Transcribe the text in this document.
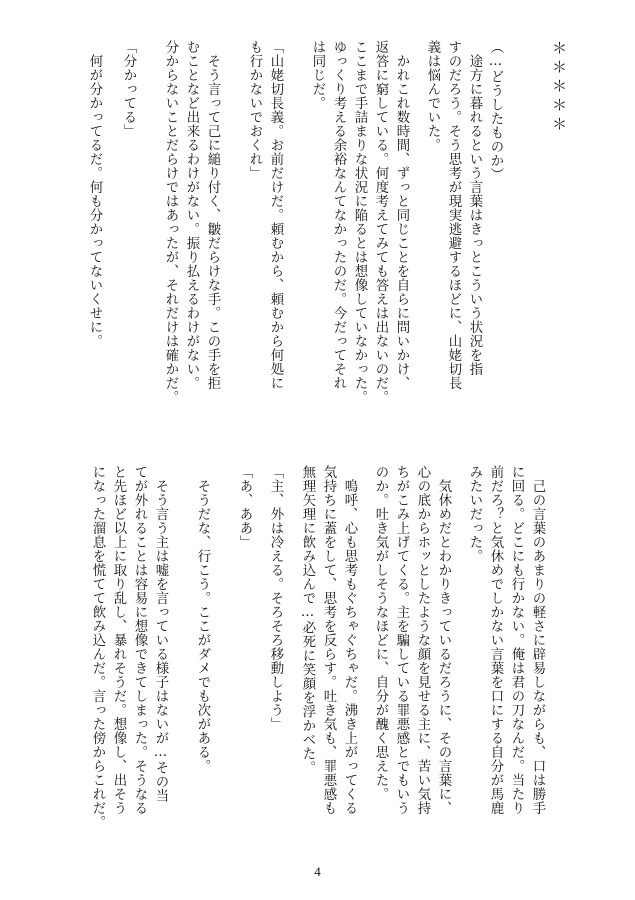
＊＊＊＊＊
（…どうしたものか）
　途方に暮れるという言葉はきっとこういう状況を指
すのだろう。そう思考が現実逃避するほどに、山姥切長
義は悩んでいた。
　かれこれ数時間、ずっと同じことを自らに問いかけ、
返答に窮している。何度考えてみても答えは出ないのだ。
ここまで手詰まりな状況に陥るとは想像していなかった。
ゆっくり考える余裕なんてなかったのだ。今だってそれ
は同じだ。
「山姥切長義。お前だけだ。頼むから、頼むから何処に
も行かないでおくれ」
　そう言って己に縋り付く、皺だらけな手。この手を拒
むことなど出来るわけがない。振り払えるわけがない。
分からないことだらけではあったが、それだけは確かだ。
「分かってる」
　何が分かってるだ。何も分かってないくせに。
　己の言葉のあまりの軽さに辟易しながらも、口は勝手
に回る。どこにも行かない。俺は君の刀なんだ。当たり
前だろ？と気休めでしかない言葉を口にする自分が馬鹿
みたいだった。
　気休めだとわかりきっているだろうに、その言葉に、
心の底からホッとしたような顔を見せる主に、苦い気持
ちがこみ上げてくる。主を騙している罪悪感とでもいう
のか。吐き気がしそうなほどに、自分が醜く思えた。
　嗚呼、心も思考もぐちゃぐちゃだ。沸き上がってくる
気持ちに蓋をして、思考を反らす。吐き気も、罪悪感も
無理矢理に飲み込んで…必死に笑顔を浮かべた。
「主、外は冷える。そろそろ移動しよう」
「あ、ああ」
　そうだな、行こう。ここがダメでも次がある。
　そう言う主は嘘を言っている様子はないが…その当
てが外れることは容易に想像できてしまった。そうなる
と先ほど以上に取り乱し、暴れそうだ。想像し、出そう
になった溜息を慌てて飲み込んだ。言った傍からこれだ。
4
